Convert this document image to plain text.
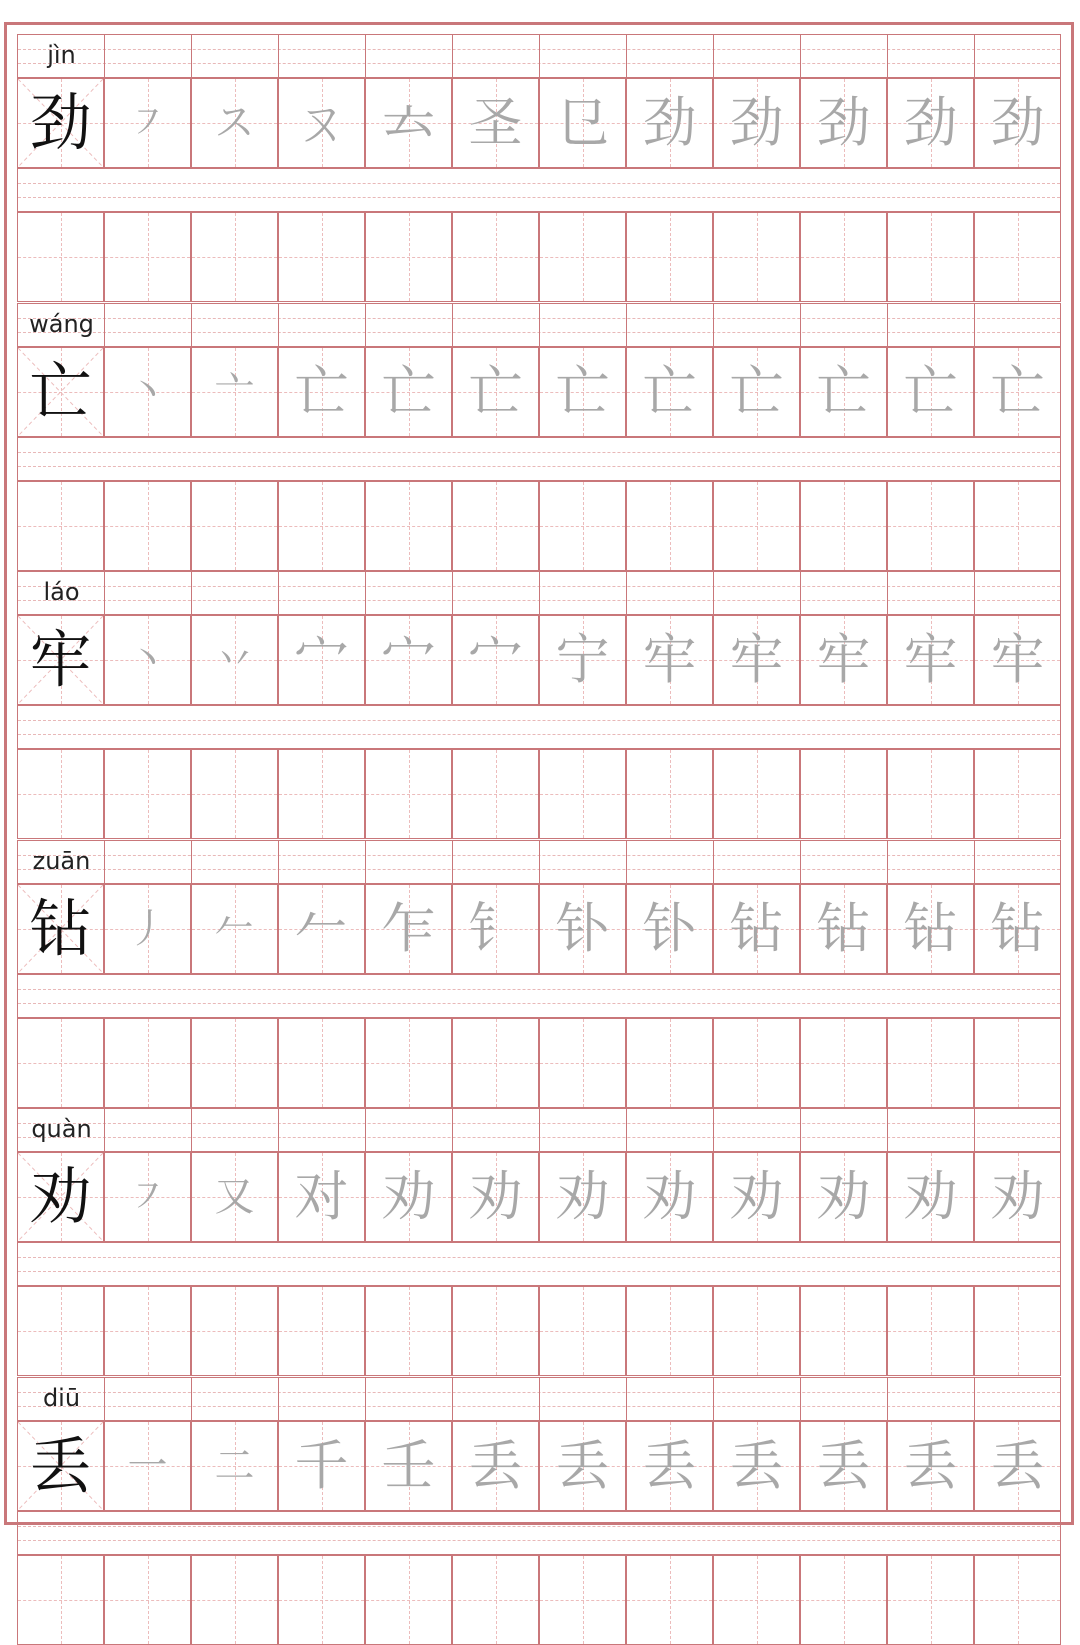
jìn
劲 ㇇	ス ㄡ 𠫓 圣 㔾 劲 劲 劲 劲 劲
wáng
亡 丶	亠 亡 亡 亡 亡 亡 亡 亡 亡 亡
láo
牢 丶	丷 宀 宀 宀 宁 牢 牢 牢 牢 牢
zuān
钻 丿	𠂉 𠂉 乍 钅 钋 钋 钻 钻 钻 钻
quàn
劝 ㇇	又 对 劝 劝 劝 劝 劝 劝 劝 劝
diū
丢 一	二 千 壬 丢 丢 丢 丢 丢 丢 丢
